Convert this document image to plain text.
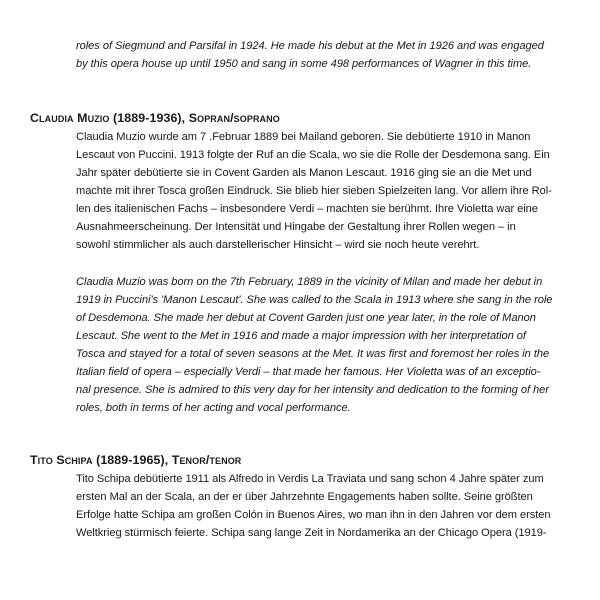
roles of Siegmund and Parsifal in 1924. He made his debut at the Met in 1926 and was engaged
by this opera house up until 1950 and sang in some 498 performances of Wagner in this time.
Claudia Muzio (1889-1936), Sopran/soprano
Claudia Muzio wurde am 7 .Februar 1889 bei Mailand geboren. Sie debütierte 1910 in Manon
Lescaut von Puccini. 1913 folgte der Ruf an die Scala, wo sie die Rolle der Desdemona sang. Ein
Jahr später debütierte sie in Covent Garden als Manon Lescaut. 1916 ging sie an die Met und
machte mit ihrer Tosca großen Eindruck. Sie blieb hier sieben Spielzeiten lang. Vor allem ihre Rol-
len des italienischen Fachs – insbesondere Verdi – machten sie berühmt. Ihre Violetta war eine
Ausnahmeerscheinung. Der Intensität und Hingabe der Gestaltung ihrer Rollen wegen – in
sowohl stimmlicher als auch darstellerischer Hinsicht – wird sie noch heute verehrt.
Claudia Muzio was born on the 7th February, 1889 in the vicinity of Milan and made her debut in
1919 in Puccini's 'Manon Lescaut'. She was called to the Scala in 1913 where she sang in the role
of Desdemona. She made her debut at Covent Garden just one year later, in the role of Manon
Lescaut. She went to the Met in 1916 and made a major impression with her interpretation of
Tosca and stayed for a total of seven seasons at the Met. It was first and foremost her roles in the
Italian field of opera – especially Verdi – that made her famous. Her Violetta was of an exceptio-
nal presence. She is admired to this very day for her intensity and dedication to the forming of her
roles, both in terms of her acting and vocal performance.
Tito Schipa (1889-1965), Tenor/tenor
Tito Schipa debütierte 1911 als Alfredo in Verdis La Traviata und sang schon 4 Jahre später zum
ersten Mal an der Scala, an der er über Jahrzehnte Engagements haben sollte. Seine größten
Erfolge hatte Schipa am großen Colón in Buenos Aires, wo man ihn in den Jahren vor dem ersten
Weltkrieg stürmisch feierte. Schipa sang lange Zeit in Nordamerika an der Chicago Opera (1919-
